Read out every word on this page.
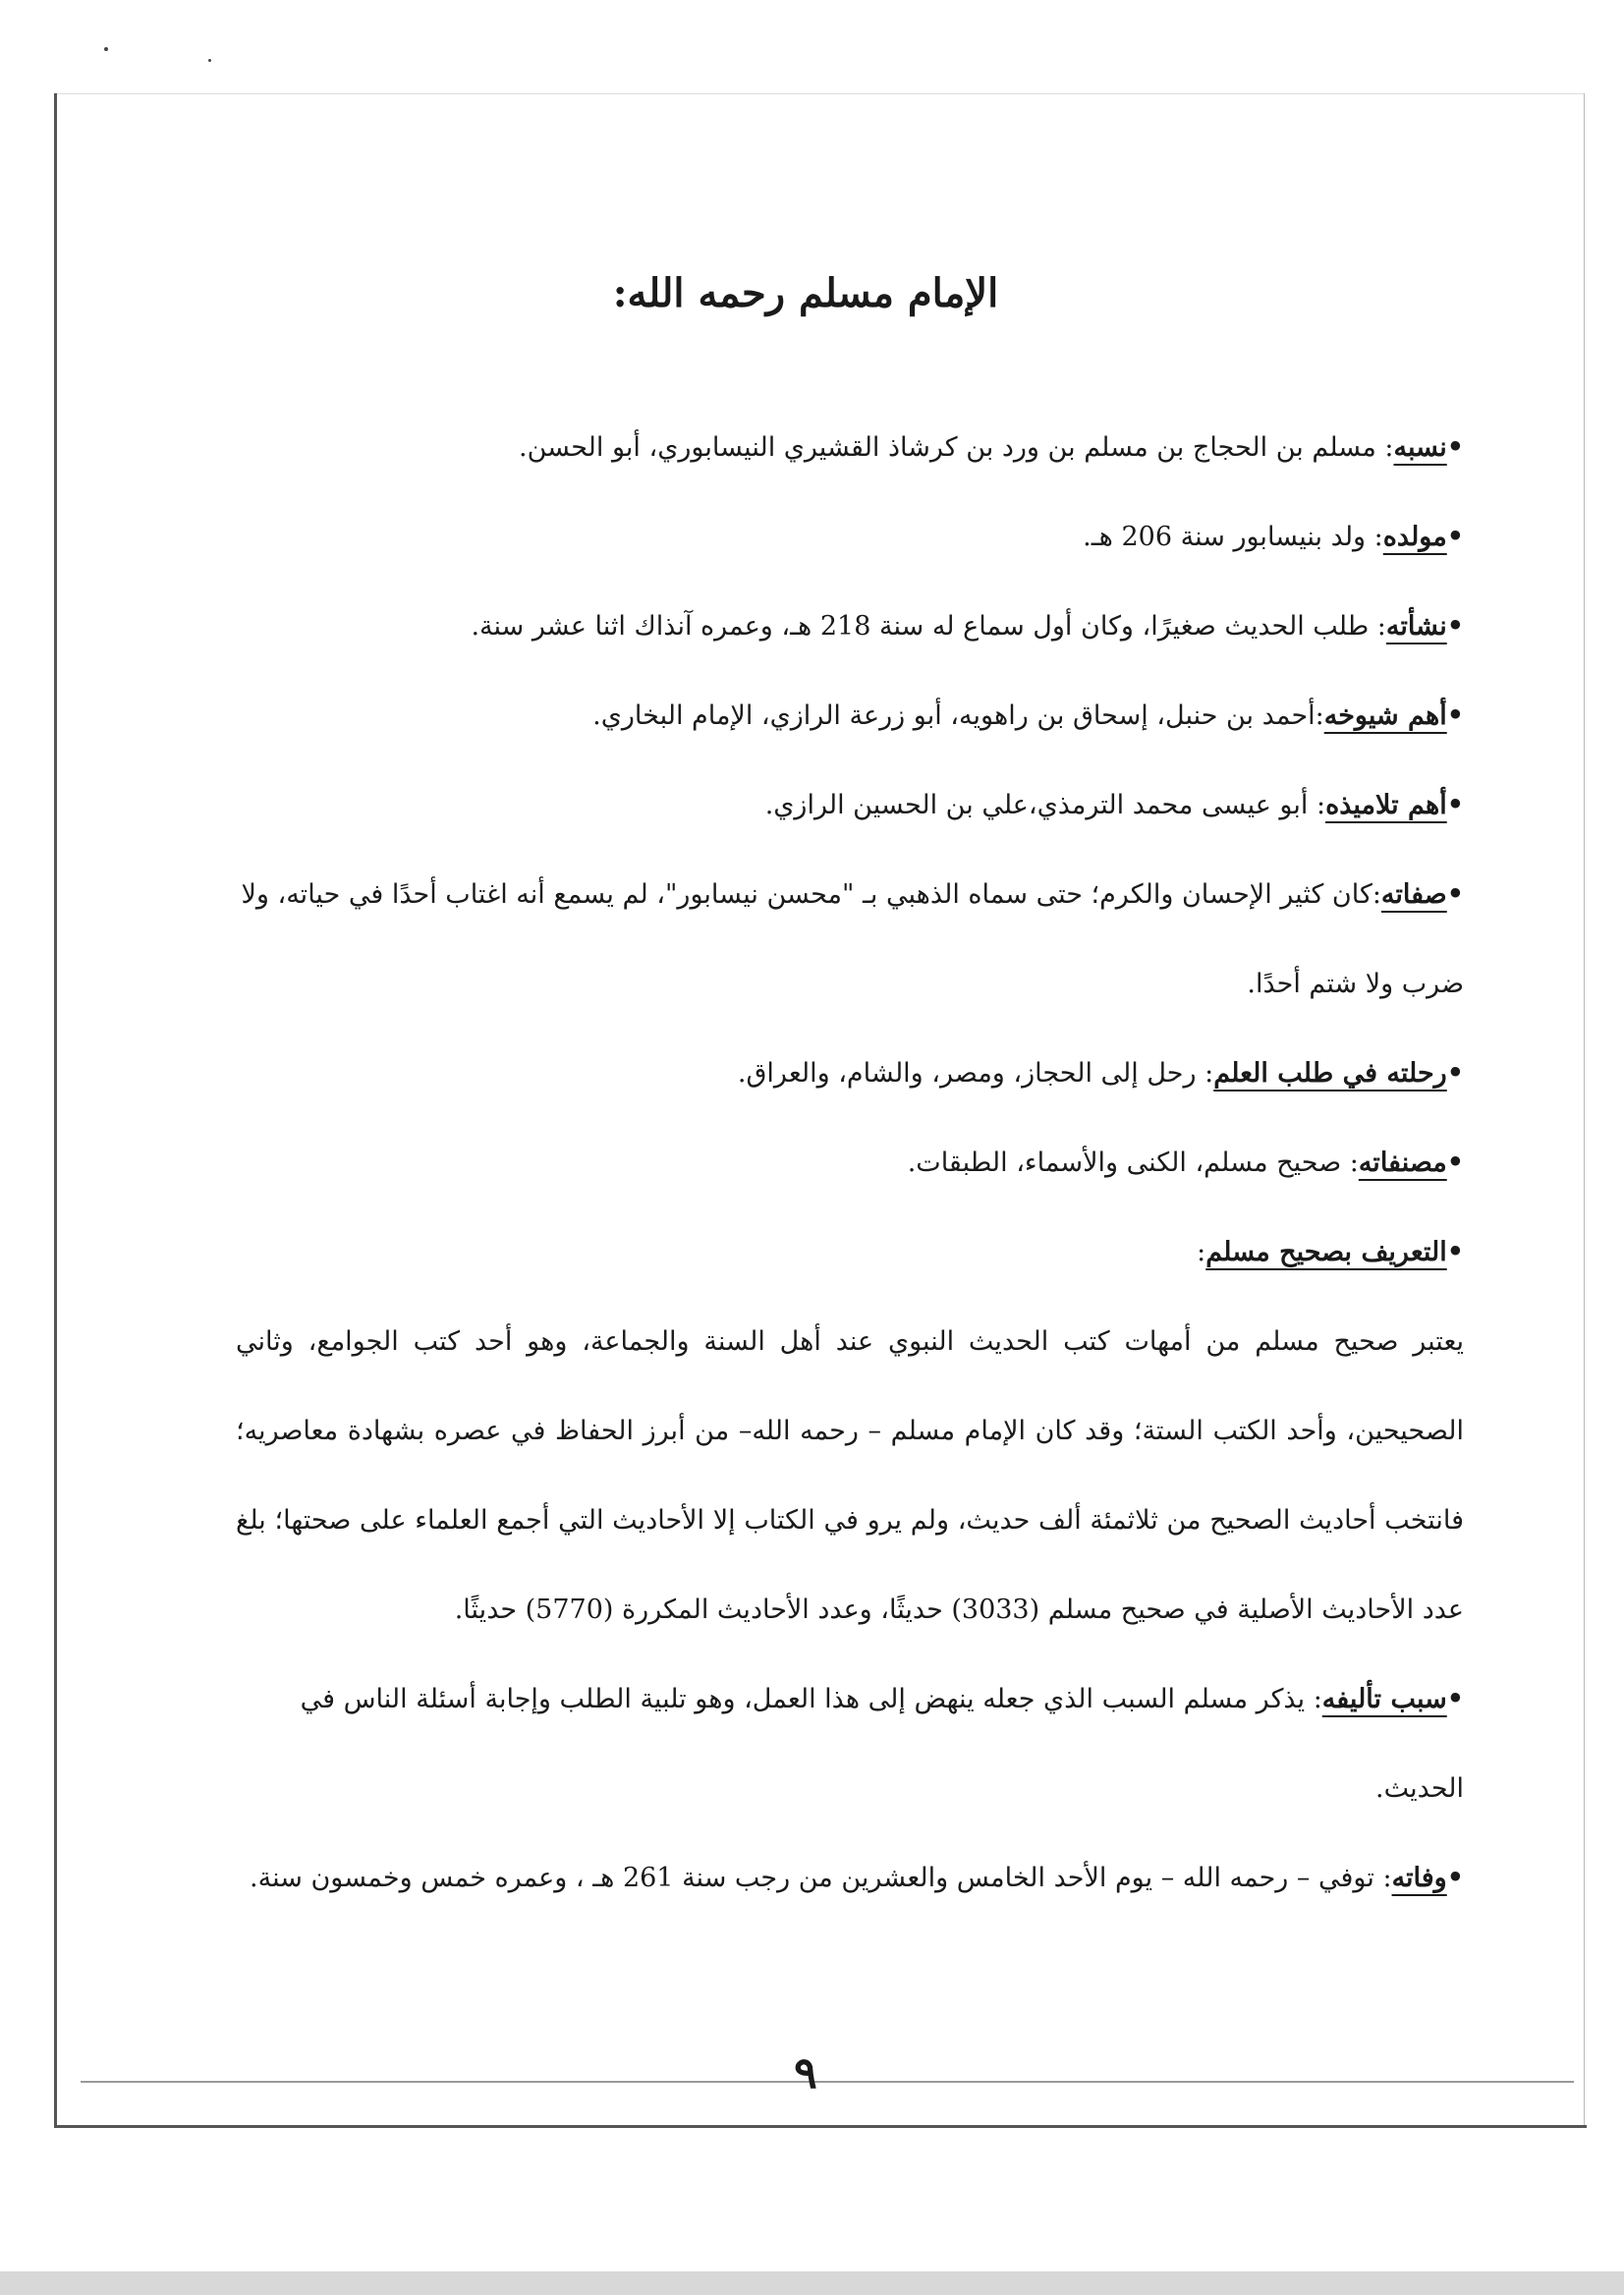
الإمام مسلم رحمه الله:

•نسبه: مسلم بن الحجاج بن مسلم بن ورد بن كرشاذ القشيري النيسابوري، أبو الحسن.

•مولده: ولد بنيسابور سنة 206 هـ.

•نشأته: طلب الحديث صغيرًا، وكان أول سماع له سنة 218 هـ، وعمره آنذاك اثنا عشر سنة.

•أهم شيوخه:أحمد بن حنبل، إسحاق بن راهويه، أبو زرعة الرازي، الإمام البخاري.

•أهم تلاميذه: أبو عيسى محمد الترمذي،علي بن الحسين الرازي.

•صفاته:كان كثير الإحسان والكرم؛ حتى سماه الذهبي بـ "محسن نيسابور"، لم يسمع أنه اغتاب أحدًا في حياته، ولا ضرب ولا شتم أحدًا.

•رحلته في طلب العلم: رحل إلى الحجاز، ومصر، والشام، والعراق.

•مصنفاته: صحيح مسلم، الكنى والأسماء، الطبقات.

•التعريف بصحيح مسلم:

يعتبر صحيح مسلم من أمهات كتب الحديث النبوي عند أهل السنة والجماعة، وهو أحد كتب الجوامع، وثاني الصحيحين، وأحد الكتب الستة؛ وقد كان الإمام مسلم – رحمه الله– من أبرز الحفاظ في عصره بشهادة معاصريه؛ فانتخب أحاديث الصحيح من ثلاثمئة ألف حديث، ولم يرو في الكتاب إلا الأحاديث التي أجمع العلماء على صحتها؛ بلغ عدد الأحاديث الأصلية في صحيح مسلم (3033) حديثًا، وعدد الأحاديث المكررة (5770) حديثًا.

•سبب تأليفه: يذكر مسلم السبب الذي جعله ينهض إلى هذا العمل، وهو تلبية الطلب وإجابة أسئلة الناس في الحديث.

•وفاته: توفي – رحمه الله – يوم الأحد الخامس والعشرين من رجب سنة 261 هـ ، وعمره خمس وخمسون سنة.

٩
